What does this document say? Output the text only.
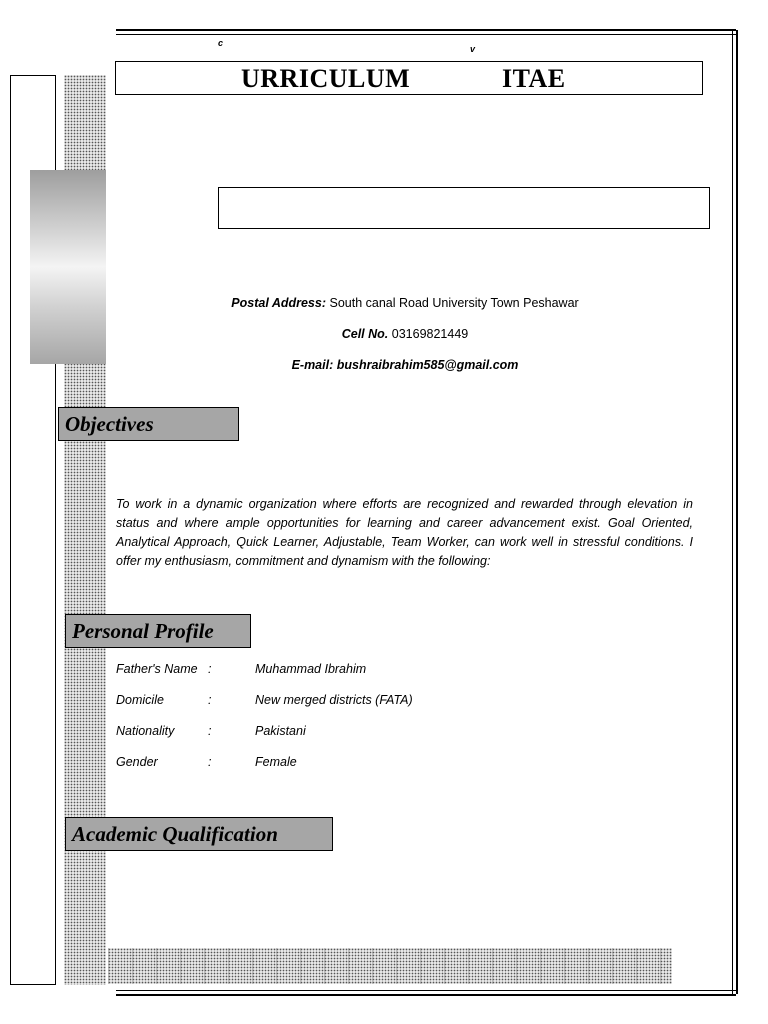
c
v
URRICULUM	ITAE
Postal Address: South canal Road University Town Peshawar
Cell No. 03169821449
E-mail: bushraibrahim585@gmail.com
Objectives
To work in a dynamic organization where efforts are recognized and rewarded through elevation in status and where ample opportunities for learning and career advancement exist. Goal Oriented, Analytical Approach, Quick Learner, Adjustable, Team Worker, can work well in stressful conditions. I offer my enthusiasm, commitment and dynamism with the following:
Personal Profile
Father's Name :	Muhammad Ibrahim
Domicile	:	New merged districts (FATA)
Nationality	:	Pakistani
Gender	:	Female
Academic Qualification
